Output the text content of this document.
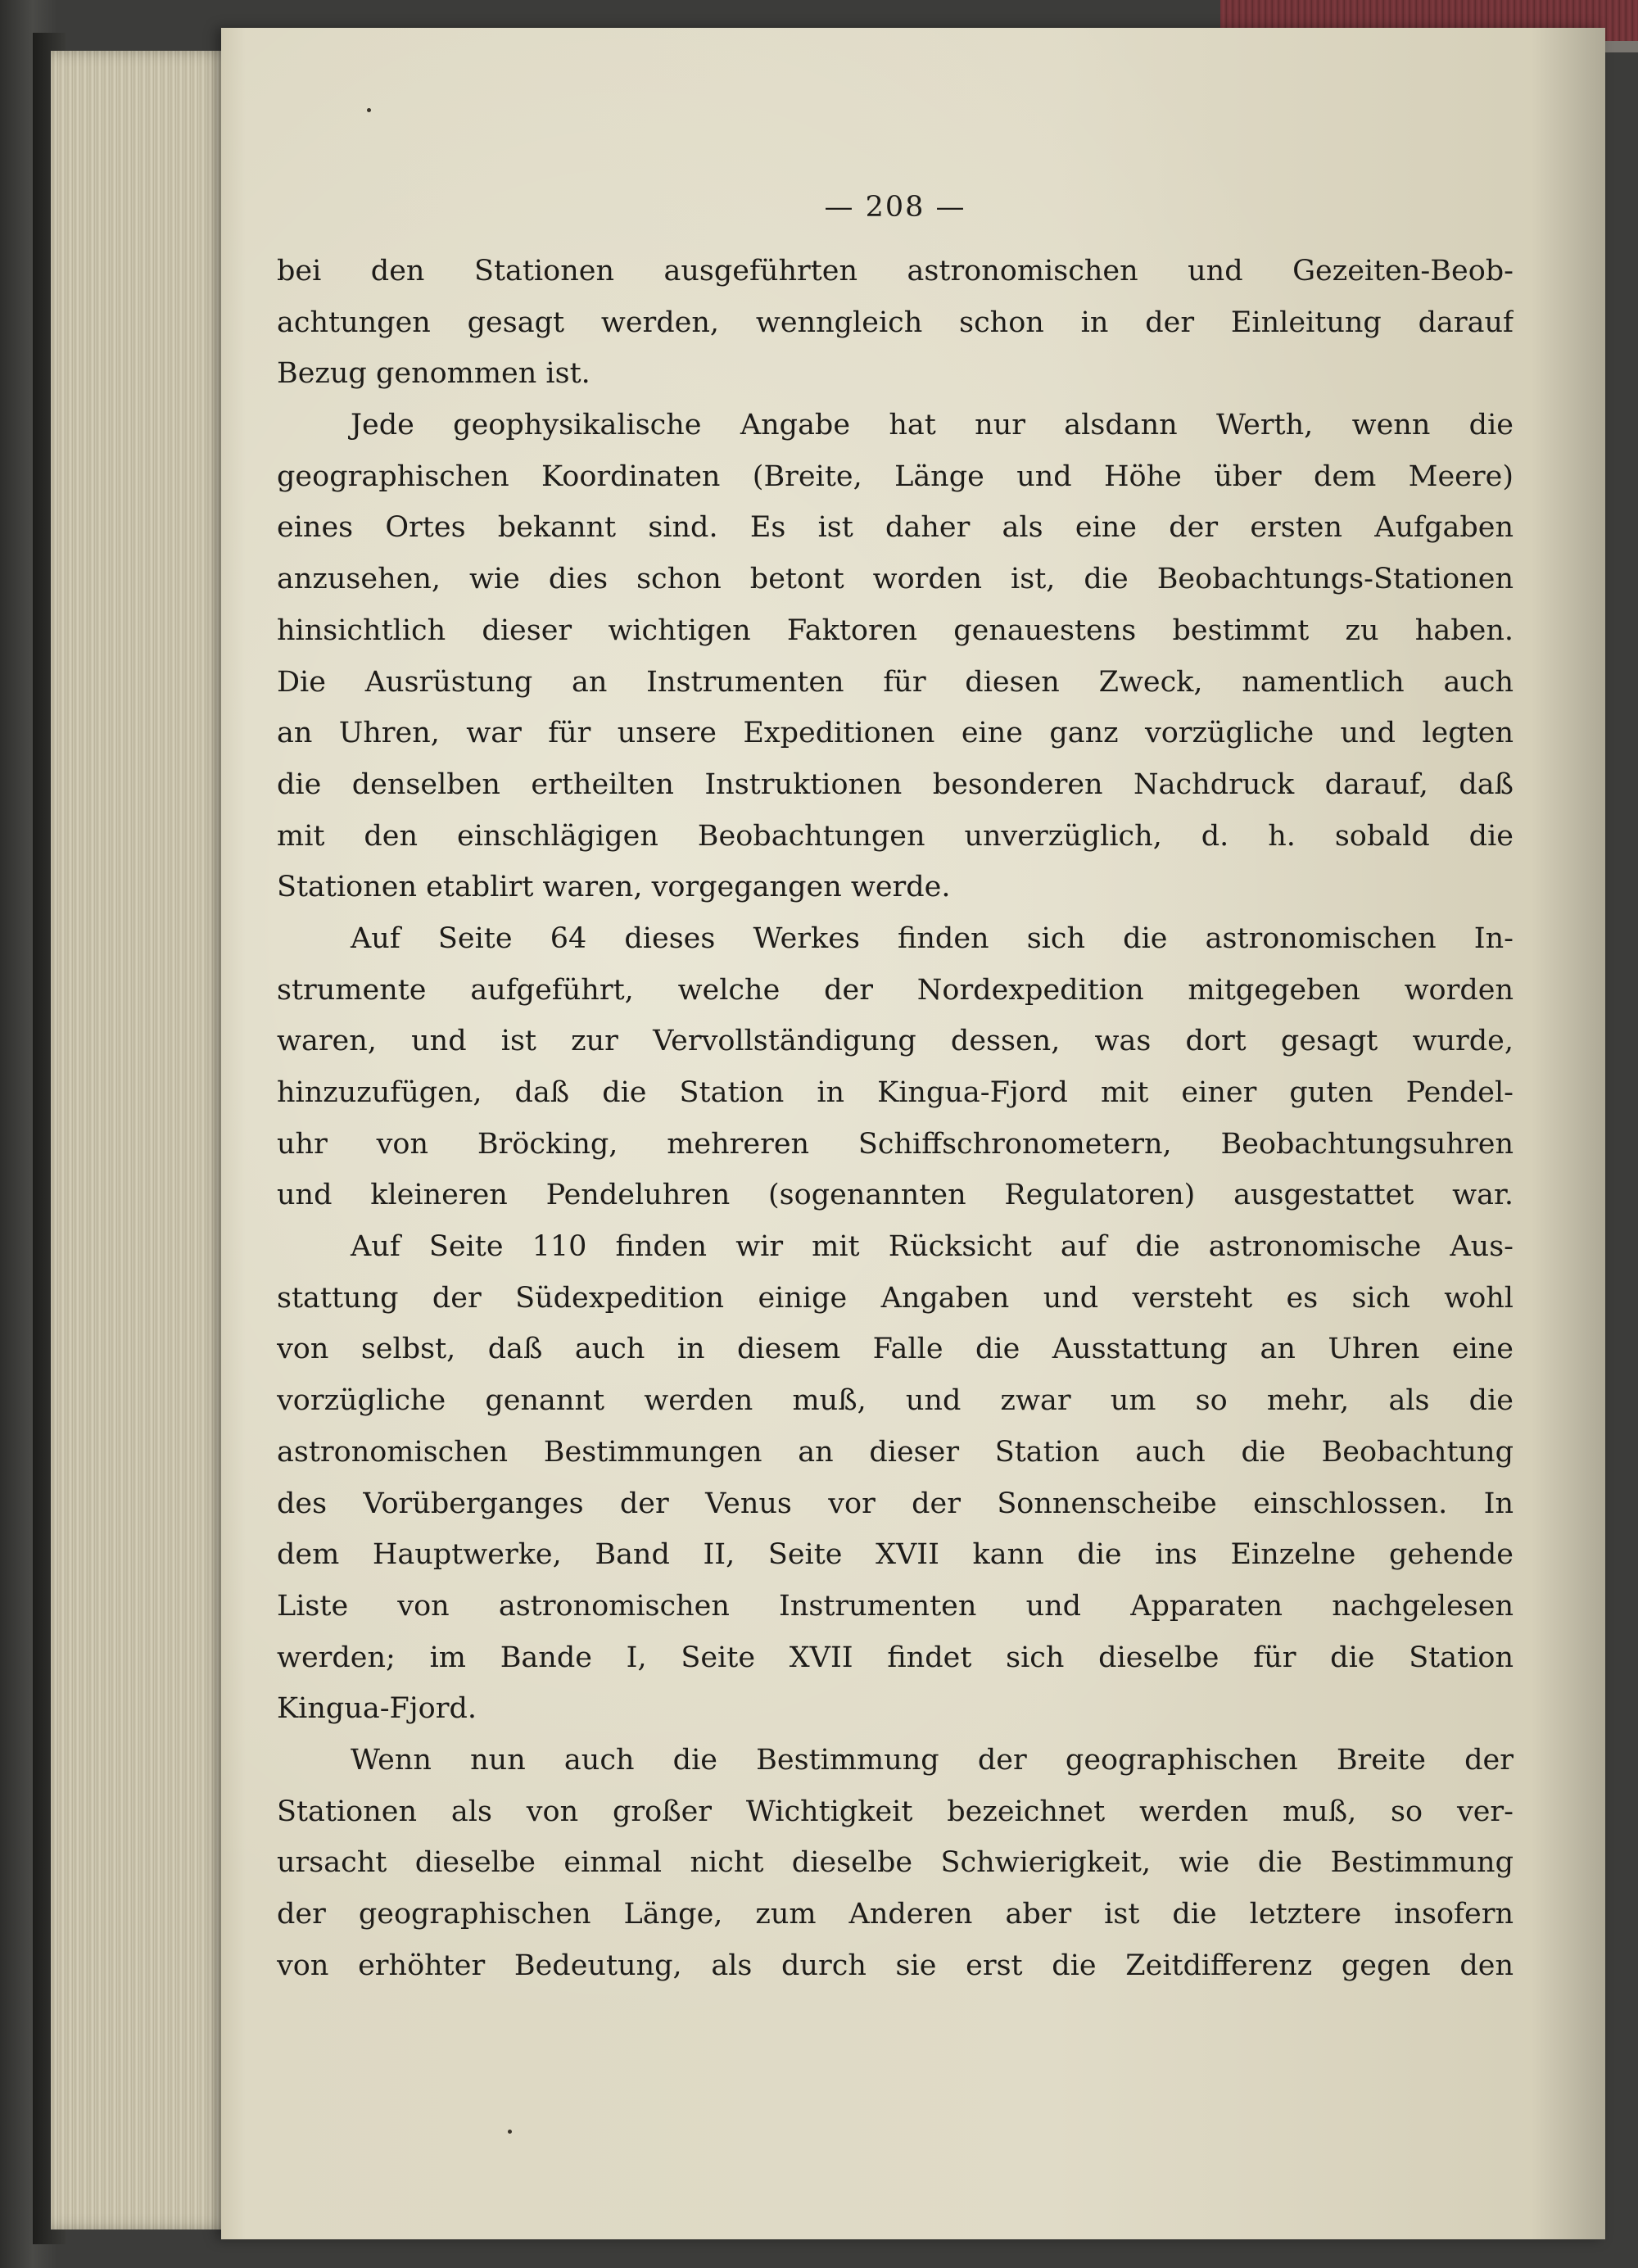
— 208 —
bei den Stationen ausgeführten astronomischen und Gezeiten-Beob-
achtungen gesagt werden, wenngleich schon in der Einleitung darauf
Bezug genommen ist.
Jede geophysikalische Angabe hat nur alsdann Werth, wenn die
geographischen Koordinaten (Breite, Länge und Höhe über dem Meere)
eines Ortes bekannt sind. Es ist daher als eine der ersten Aufgaben
anzusehen, wie dies schon betont worden ist, die Beobachtungs-Stationen
hinsichtlich dieser wichtigen Faktoren genauestens bestimmt zu haben.
Die Ausrüstung an Instrumenten für diesen Zweck, namentlich auch
an Uhren, war für unsere Expeditionen eine ganz vorzügliche und legten
die denselben ertheilten Instruktionen besonderen Nachdruck darauf, daß
mit den einschlägigen Beobachtungen unverzüglich, d. h. sobald die
Stationen etablirt waren, vorgegangen werde.
Auf Seite 64 dieses Werkes finden sich die astronomischen In-
strumente aufgeführt, welche der Nordexpedition mitgegeben worden
waren, und ist zur Vervollständigung dessen, was dort gesagt wurde,
hinzuzufügen, daß die Station in Kingua-Fjord mit einer guten Pendel-
uhr von Bröcking, mehreren Schiffschronometern, Beobachtungsuhren
und kleineren Pendeluhren (sogenannten Regulatoren) ausgestattet war.
Auf Seite 110 finden wir mit Rücksicht auf die astronomische Aus-
stattung der Südexpedition einige Angaben und versteht es sich wohl
von selbst, daß auch in diesem Falle die Ausstattung an Uhren eine
vorzügliche genannt werden muß, und zwar um so mehr, als die
astronomischen Bestimmungen an dieser Station auch die Beobachtung
des Vorüberganges der Venus vor der Sonnenscheibe einschlossen. In
dem Hauptwerke, Band II, Seite XVII kann die ins Einzelne gehende
Liste von astronomischen Instrumenten und Apparaten nachgelesen
werden; im Bande I, Seite XVII findet sich dieselbe für die Station
Kingua-Fjord.
Wenn nun auch die Bestimmung der geographischen Breite der
Stationen als von großer Wichtigkeit bezeichnet werden muß, so ver-
ursacht dieselbe einmal nicht dieselbe Schwierigkeit, wie die Bestimmung
der geographischen Länge, zum Anderen aber ist die letztere insofern
von erhöhter Bedeutung, als durch sie erst die Zeitdifferenz gegen den
